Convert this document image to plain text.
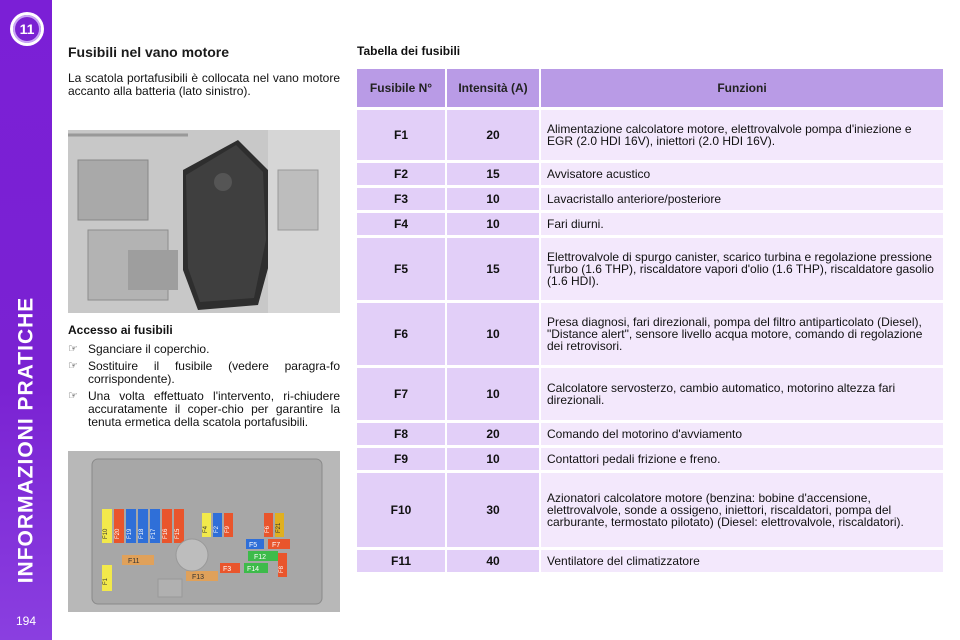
11
INFORMAZIONI PRATICHE
194
Fusibili nel vano motore

La scatola portafusibili è collocata nel vano motore accanto alla batteria (lato sinistro).

Accesso ai fusibili
☞ Sganciare il coperchio.
☞ Sostituire il fusibile (vedere paragra-fo corrispondente).
☞ Una volta effettuato l'intervento, ri-chiudere accuratamente il coper-chio per garantire la tenuta ermetica della scatola portafusibili.
F10 F20 F19 F18 F17 F16 F15	F4 F2 F9	F6 F21
F5 F7
F12
F11
F3 F14
F13
F1
F8
Tabella dei fusibili
Fusibile N°	Intensità (A)	Funzioni
F1	20	Alimentazione calcolatore motore, elettrovalvole pompa d'iniezione e EGR (2.0 HDI 16V), iniettori (2.0 HDI 16V).
F2	15	Avvisatore acustico
F3	10	Lavacristallo anteriore/posteriore
F4	10	Fari diurni.
F5	15	Elettrovalvole di spurgo canister, scarico turbina e regolazione pressione Turbo (1.6 THP), riscaldatore vapori d'olio (1.6 THP), riscaldatore gasolio (1.6 HDI).
F6	10	Presa diagnosi, fari direzionali, pompa del filtro antiparticolato (Diesel), "Distance alert", sensore livello acqua motore, comando di regolazione dei retrovisori.
F7	10	Calcolatore servosterzo, cambio automatico, motorino altezza fari direzionali.
F8	20	Comando del motorino d'avviamento
F9	10	Contattori pedali frizione e freno.
F10	30	Azionatori calcolatore motore (benzina: bobine d'accensione, elettrovalvole, sonde a ossigeno, iniettori, riscaldatori, pompa del carburante, termostato pilotato) (Diesel: elettrovalvole, riscaldatori).
F11	40	Ventilatore del climatizzatore
